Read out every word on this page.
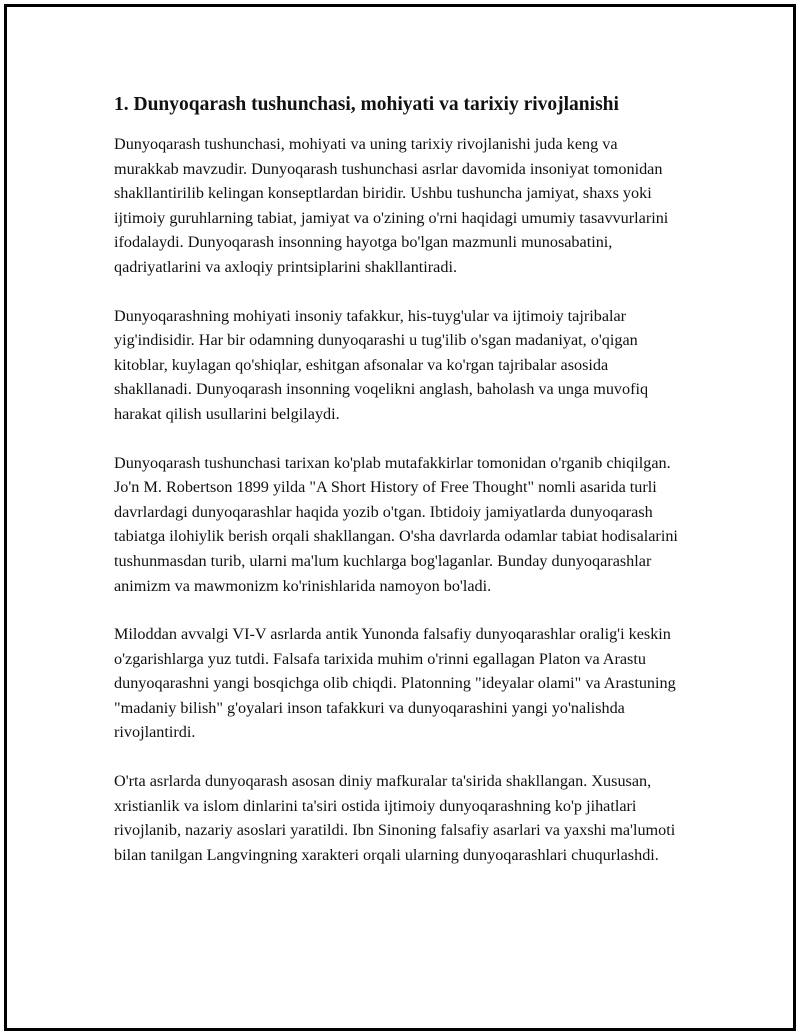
1. Dunyoqarash tushunchasi, mohiyati va tarixiy rivojlanishi

Dunyoqarash tushunchasi, mohiyati va uning tarixiy rivojlanishi juda keng va murakkab mavzudir. Dunyoqarash tushunchasi asrlar davomida insoniyat tomonidan shakllantirilib kelingan konseptlardan biridir. Ushbu tushuncha jamiyat, shaxs yoki ijtimoiy guruhlarning tabiat, jamiyat va o'zining o'rni haqidagi umumiy tasavvurlarini ifodalaydi. Dunyoqarash insonning hayotga bo'lgan mazmunli munosabatini, qadriyatlarini va axloqiy printsiplarini shakllantiradi.

Dunyoqarashning mohiyati insoniy tafakkur, his-tuyg'ular va ijtimoiy tajribalar yig'indisidir. Har bir odamning dunyoqarashi u tug'ilib o'sgan madaniyat, o'qigan kitoblar, kuylagan qo'shiqlar, eshitgan afsonalar va ko'rgan tajribalar asosida shakllanadi. Dunyoqarash insonning voqelikni anglash, baholash va unga muvofiq harakat qilish usullarini belgilaydi.

Dunyoqarash tushunchasi tarixan ko'plab mutafakkirlar tomonidan o'rganib chiqilgan. Jo'n M. Robertson 1899 yilda "A Short History of Free Thought" nomli asarida turli davrlardagi dunyoqarashlar haqida yozib o'tgan. Ibtidoiy jamiyatlarda dunyoqarash tabiatga ilohiylik berish orqali shakllangan. O'sha davrlarda odamlar tabiat hodisalarini tushunmasdan turib, ularni ma'lum kuchlarga bog'laganlar. Bunday dunyoqarashlar animizm va mawmonizm ko'rinishlarida namoyon bo'ladi.

Miloddan avvalgi VI-V asrlarda antik Yunonda falsafiy dunyoqarashlar oralig'i keskin o'zgarishlarga yuz tutdi. Falsafa tarixida muhim o'rinni egallagan Platon va Arastu dunyoqarashni yangi bosqichga olib chiqdi. Platonning "ideyalar olami" va Arastuning "madaniy bilish" g'oyalari inson tafakkuri va dunyoqarashini yangi yo'nalishda rivojlantirdi.

O'rta asrlarda dunyoqarash asosan diniy mafkuralar ta'sirida shakllangan. Xususan, xristianlik va islom dinlarini ta'siri ostida ijtimoiy dunyoqarashning ko'p jihatlari rivojlanib, nazariy asoslari yaratildi. Ibn Sinoning falsafiy asarlari va yaxshi ma'lumoti bilan tanilgan Langvingning xarakteri orqali ularning dunyoqarashlari chuqurlashdi.
